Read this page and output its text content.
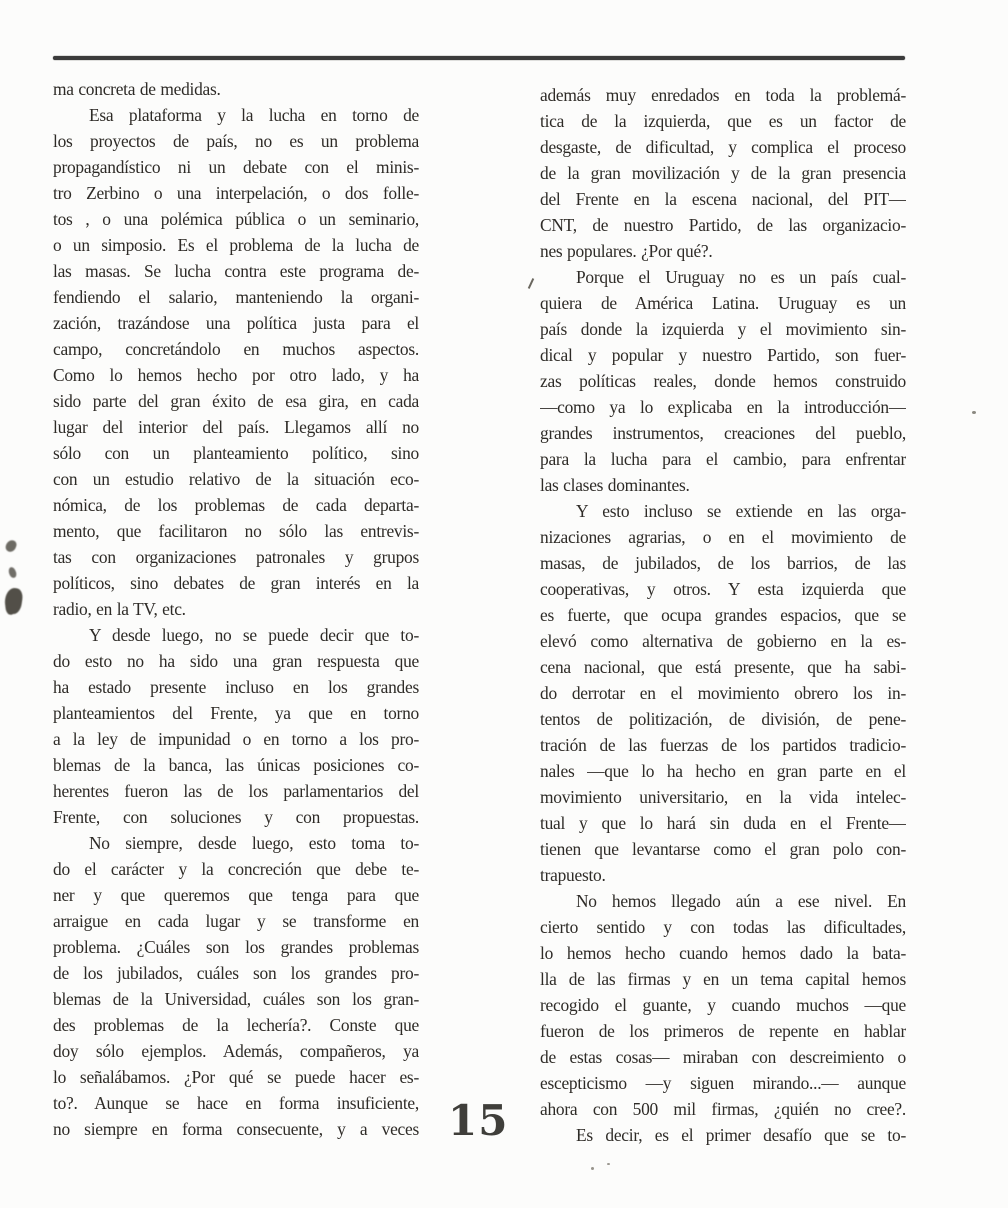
ma concreta de medidas.
Esa plataforma y la lucha en torno de
los proyectos de país, no es un problema
propagandístico ni un debate con el minis-
tro Zerbino o una interpelación, o dos folle-
tos , o una polémica pública o un seminario,
o un simposio. Es el problema de la lucha de
las masas. Se lucha contra este programa de-
fendiendo el salario, manteniendo la organi-
zación, trazándose una política justa para el
campo, concretándolo en muchos aspectos.
Como lo hemos hecho por otro lado, y ha
sido parte del gran éxito de esa gira, en cada
lugar del interior del país. Llegamos allí no
sólo con un planteamiento político, sino
con un estudio relativo de la situación eco-
nómica, de los problemas de cada departa-
mento, que facilitaron no sólo las entrevis-
tas con organizaciones patronales y grupos
políticos, sino debates de gran interés en la
radio, en la TV, etc.
Y desde luego, no se puede decir que to-
do esto no ha sido una gran respuesta que
ha estado presente incluso en los grandes
planteamientos del Frente, ya que en torno
a la ley de impunidad o en torno a los pro-
blemas de la banca, las únicas posiciones co-
herentes fueron las de los parlamentarios del
Frente, con soluciones y con propuestas.
No siempre, desde luego, esto toma to-
do el carácter y la concreción que debe te-
ner y que queremos que tenga para que
arraigue en cada lugar y se transforme en
problema. ¿Cuáles son los grandes problemas
de los jubilados, cuáles son los grandes pro-
blemas de la Universidad, cuáles son los gran-
des problemas de la lechería?. Conste que
doy sólo ejemplos. Además, compañeros, ya
lo señalábamos. ¿Por qué se puede hacer es-
to?. Aunque se hace en forma insuficiente,
no siempre en forma consecuente, y a veces
además muy enredados en toda la problemá-
tica de la izquierda, que es un factor de
desgaste, de dificultad, y complica el proceso
de la gran movilización y de la gran presencia
del Frente en la escena nacional, del PIT—
CNT, de nuestro Partido, de las organizacio-
nes populares. ¿Por qué?.
Porque el Uruguay no es un país cual-
quiera de América Latina. Uruguay es un
país donde la izquierda y el movimiento sin-
dical y popular y nuestro Partido, son fuer-
zas políticas reales, donde hemos construido
—como ya lo explicaba en la introducción—
grandes instrumentos, creaciones del pueblo,
para la lucha para el cambio, para enfrentar
las clases dominantes.
Y esto incluso se extiende en las orga-
nizaciones agrarias, o en el movimiento de
masas, de jubilados, de los barrios, de las
cooperativas, y otros. Y esta izquierda que
es fuerte, que ocupa grandes espacios, que se
elevó como alternativa de gobierno en la es-
cena nacional, que está presente, que ha sabi-
do derrotar en el movimiento obrero los in-
tentos de politización, de división, de pene-
tración de las fuerzas de los partidos tradicio-
nales —que lo ha hecho en gran parte en el
movimiento universitario, en la vida intelec-
tual y que lo hará sin duda en el Frente—
tienen que levantarse como el gran polo con-
trapuesto.
No hemos llegado aún a ese nivel. En
cierto sentido y con todas las dificultades,
lo hemos hecho cuando hemos dado la bata-
lla de las firmas y en un tema capital hemos
recogido el guante, y cuando muchos —que
fueron de los primeros de repente en hablar
de estas cosas— miraban con descreimiento o
escepticismo —y siguen mirando...— aunque
ahora con 500 mil firmas, ¿quién no cree?.
Es decir, es el primer desafío que se to-
15
